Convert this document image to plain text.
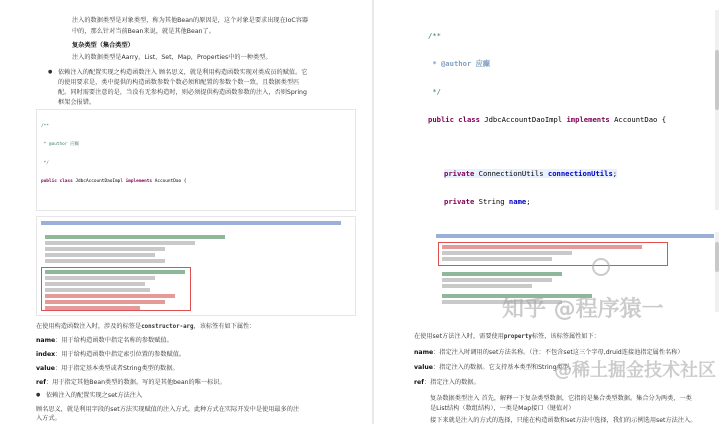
注入的数据类型是对象类型，称为其他Bean的原因是，这个对象是要求出现在IoC容器
中的，那么针对当前Bean来说，就是其他Bean了。
复杂类型（集合类型）
注入的数据类型是Aarry，List，Set，Map，Properties中的一种类型。
● 依赖注入的配置实现之构造函数注入 顾名思义，就是利用构造函数实现对类成员的赋值。它
的使用要求是，类中提供的构造函数参数个数必须和配置的参数个数一致，且数据类型匹
配。同时需要注意的是，当没有无参构造时，则必须提供构造函数参数的注入，否则Spring
框架会报错。

/**

* @author 应癫

*/

public class JdbcAccountDaoImpl implements AccountDao {

在使用构造函数注入时，涉及的标签是constructor-arg，该标签有如下属性：
name：用于给构造函数中指定名称的参数赋值。
index：用于给构造函数中指定索引位置的参数赋值。
value：用于指定基本类型或者String类型的数据。
ref：用于指定其他Bean类型的数据。写的是其他bean的唯一标识。
● 依赖注入的配置实现之set方法注入
顾名思义，就是利用字段的set方法实现赋值的注入方式。此种方式在实际开发中是使用最多的注
入方式。

/**

* @author 应癫

*/

public class JdbcAccountDaoImpl implements AccountDao {

private ConnectionUtils connectionUtils;

private String name;

在使用set方法注入时，需要使用property标签，该标签属性如下：
name：指定注入时调用的set方法名称。（注：不包含set这三个字母,druid连接池指定属性名称）
value：指定注入的数据。它支持基本类型和String类型。
ref：指定注入的数据。
● 复杂数据类型注入 首先，解释一下复杂类型数据，它指的是集合类型数据。集合分为两类，一类
是List结构（数组结构），一类是Map接口（键值对）
接下来就是注入的方式的选择，只能在构造函数和set方法中选择，我们的示例选用set方法注入。
知乎 @程序猿一
@稀土掘金技术社区
